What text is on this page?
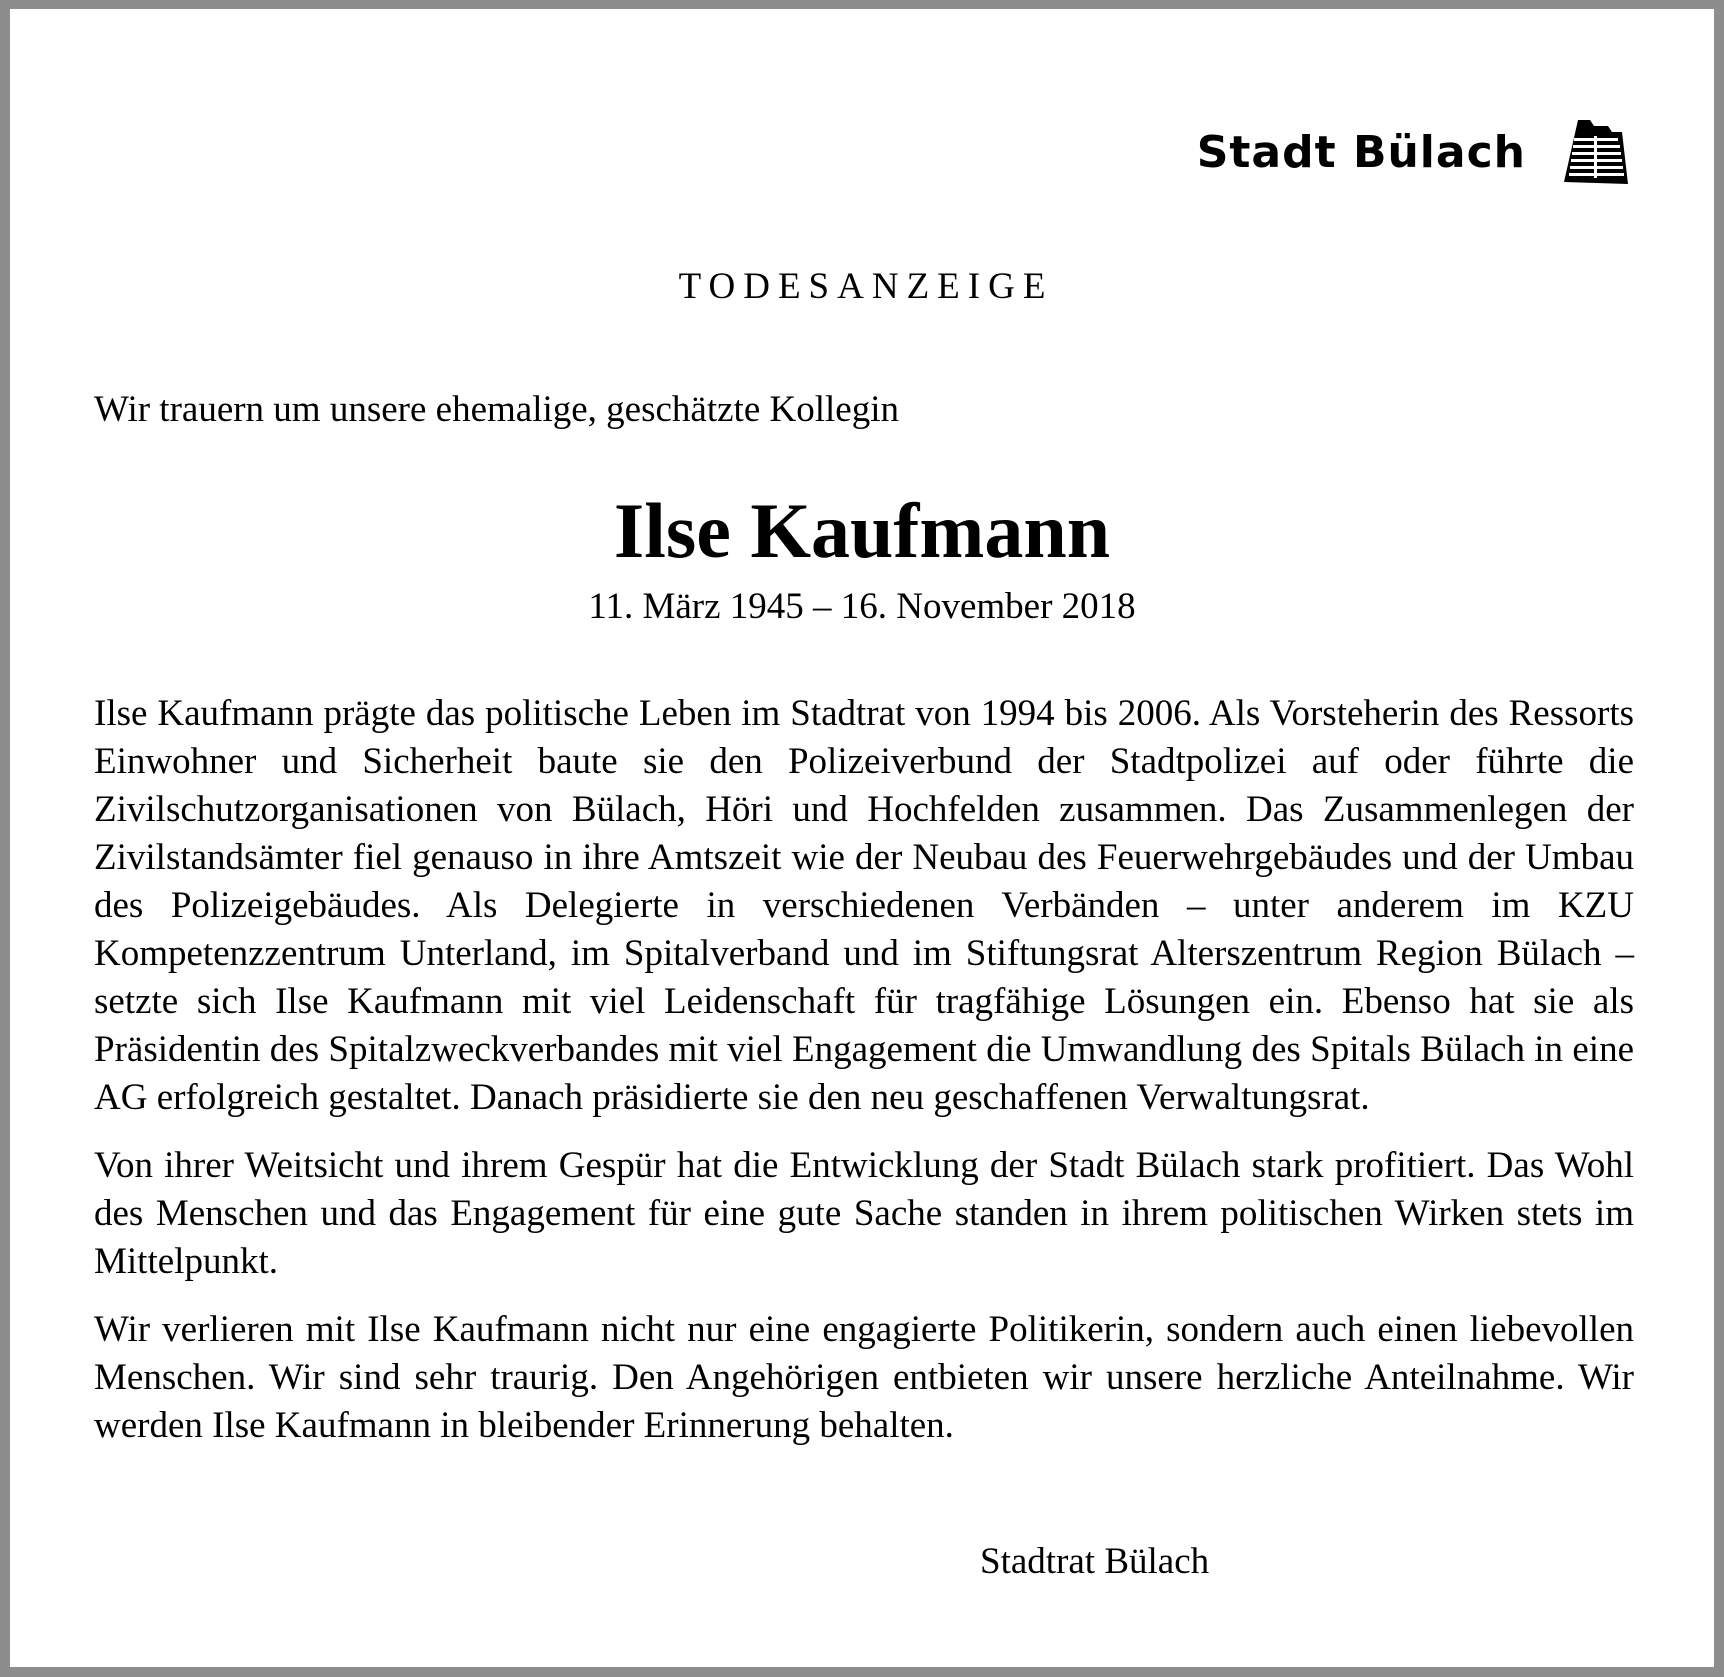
Stadt Bülach
TODESANZEIGE
Wir trauern um unsere ehemalige, geschätzte Kollegin
Ilse Kaufmann
11. März 1945 – 16. November 2018

Ilse Kaufmann prägte das politische Leben im Stadtrat von 1994 bis 2006. Als Vorsteherin des Ressorts Einwohner und Sicherheit baute sie den Polizeiverbund der Stadtpolizei auf oder führte die Zivilschutzorganisationen von Bülach, Höri und Hochfelden zusammen. Das Zusammenlegen der Zivilstandsämter fiel genauso in ihre Amtszeit wie der Neubau des Feuerwehrgebäudes und der Umbau des Polizeigebäudes. Als Delegierte in verschiedenen Verbänden – unter anderem im KZU Kompetenzzentrum Unterland, im Spitalverband und im Stiftungsrat Alterszentrum Region Bülach – setzte sich Ilse Kaufmann mit viel Leidenschaft für tragfähige Lösungen ein. Ebenso hat sie als Präsidentin des Spitalzweckverbandes mit viel Engagement die Umwandlung des Spitals Bülach in eine AG erfolgreich gestaltet. Danach präsidierte sie den neu geschaffenen Verwaltungsrat.

Von ihrer Weitsicht und ihrem Gespür hat die Entwicklung der Stadt Bülach stark profitiert. Das Wohl des Menschen und das Engagement für eine gute Sache standen in ihrem politischen Wirken stets im Mittelpunkt.

Wir verlieren mit Ilse Kaufmann nicht nur eine engagierte Politikerin, sondern auch einen liebevollen Menschen. Wir sind sehr traurig. Den Angehörigen entbieten wir unsere herzliche Anteilnahme. Wir werden Ilse Kaufmann in bleibender Erinnerung behalten.

Stadtrat Bülach
